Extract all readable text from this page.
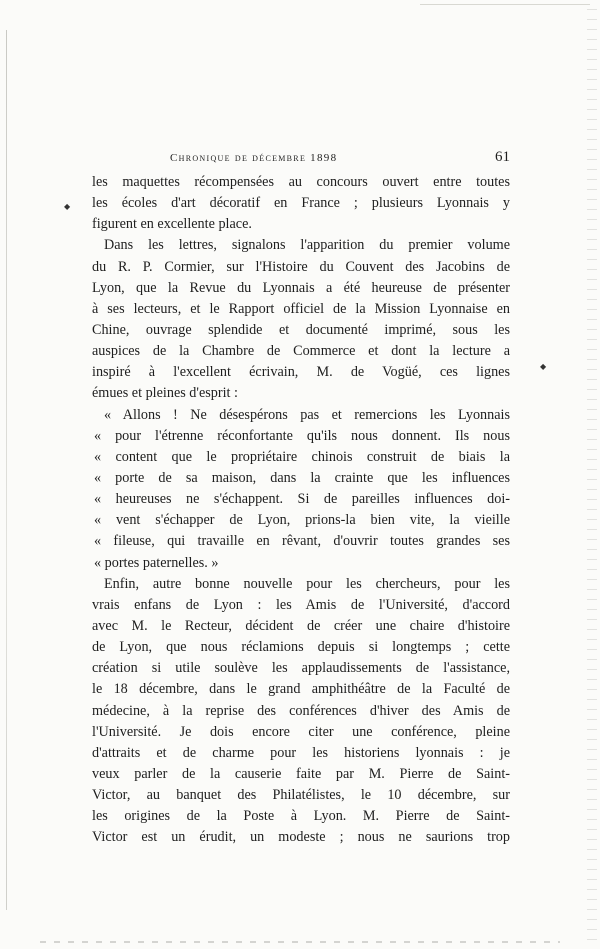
◆
◆
Chronique de décembre 1898	61
les maquettes récompensées au concours ouvert entre toutes
les écoles d'art décoratif en France ; plusieurs Lyonnais y
figurent en excellente place.
Dans les lettres, signalons l'apparition du premier volume
du R. P. Cormier, sur l'Histoire du Couvent des Jacobins de
Lyon, que la Revue du Lyonnais a été heureuse de présenter
à ses lecteurs, et le Rapport officiel de la Mission Lyonnaise en
Chine, ouvrage splendide et documenté imprimé, sous les
auspices de la Chambre de Commerce et dont la lecture a
inspiré à l'excellent écrivain, M. de Vogüé, ces lignes
émues et pleines d'esprit :
« Allons ! Ne désespérons pas et remercions les Lyonnais
« pour l'étrenne réconfortante qu'ils nous donnent. Ils nous
« content que le propriétaire chinois construit de biais la
« porte de sa maison, dans la crainte que les influences
« heureuses ne s'échappent. Si de pareilles influences doi-
« vent s'échapper de Lyon, prions-la bien vite, la vieille
« fileuse, qui travaille en rêvant, d'ouvrir toutes grandes ses
« portes paternelles. »
Enfin, autre bonne nouvelle pour les chercheurs, pour les
vrais enfans de Lyon : les Amis de l'Université, d'accord
avec M. le Recteur, décident de créer une chaire d'histoire
de Lyon, que nous réclamions depuis si longtemps ; cette
création si utile soulève les applaudissements de l'assistance,
le 18 décembre, dans le grand amphithéâtre de la Faculté de
médecine, à la reprise des conférences d'hiver des Amis de
l'Université. Je dois encore citer une conférence, pleine
d'attraits et de charme pour les historiens lyonnais : je
veux parler de la causerie faite par M. Pierre de Saint-
Victor, au banquet des Philatélistes, le 10 décembre, sur
les origines de la Poste à Lyon. M. Pierre de Saint-
Victor est un érudit, un modeste ; nous ne saurions trop
